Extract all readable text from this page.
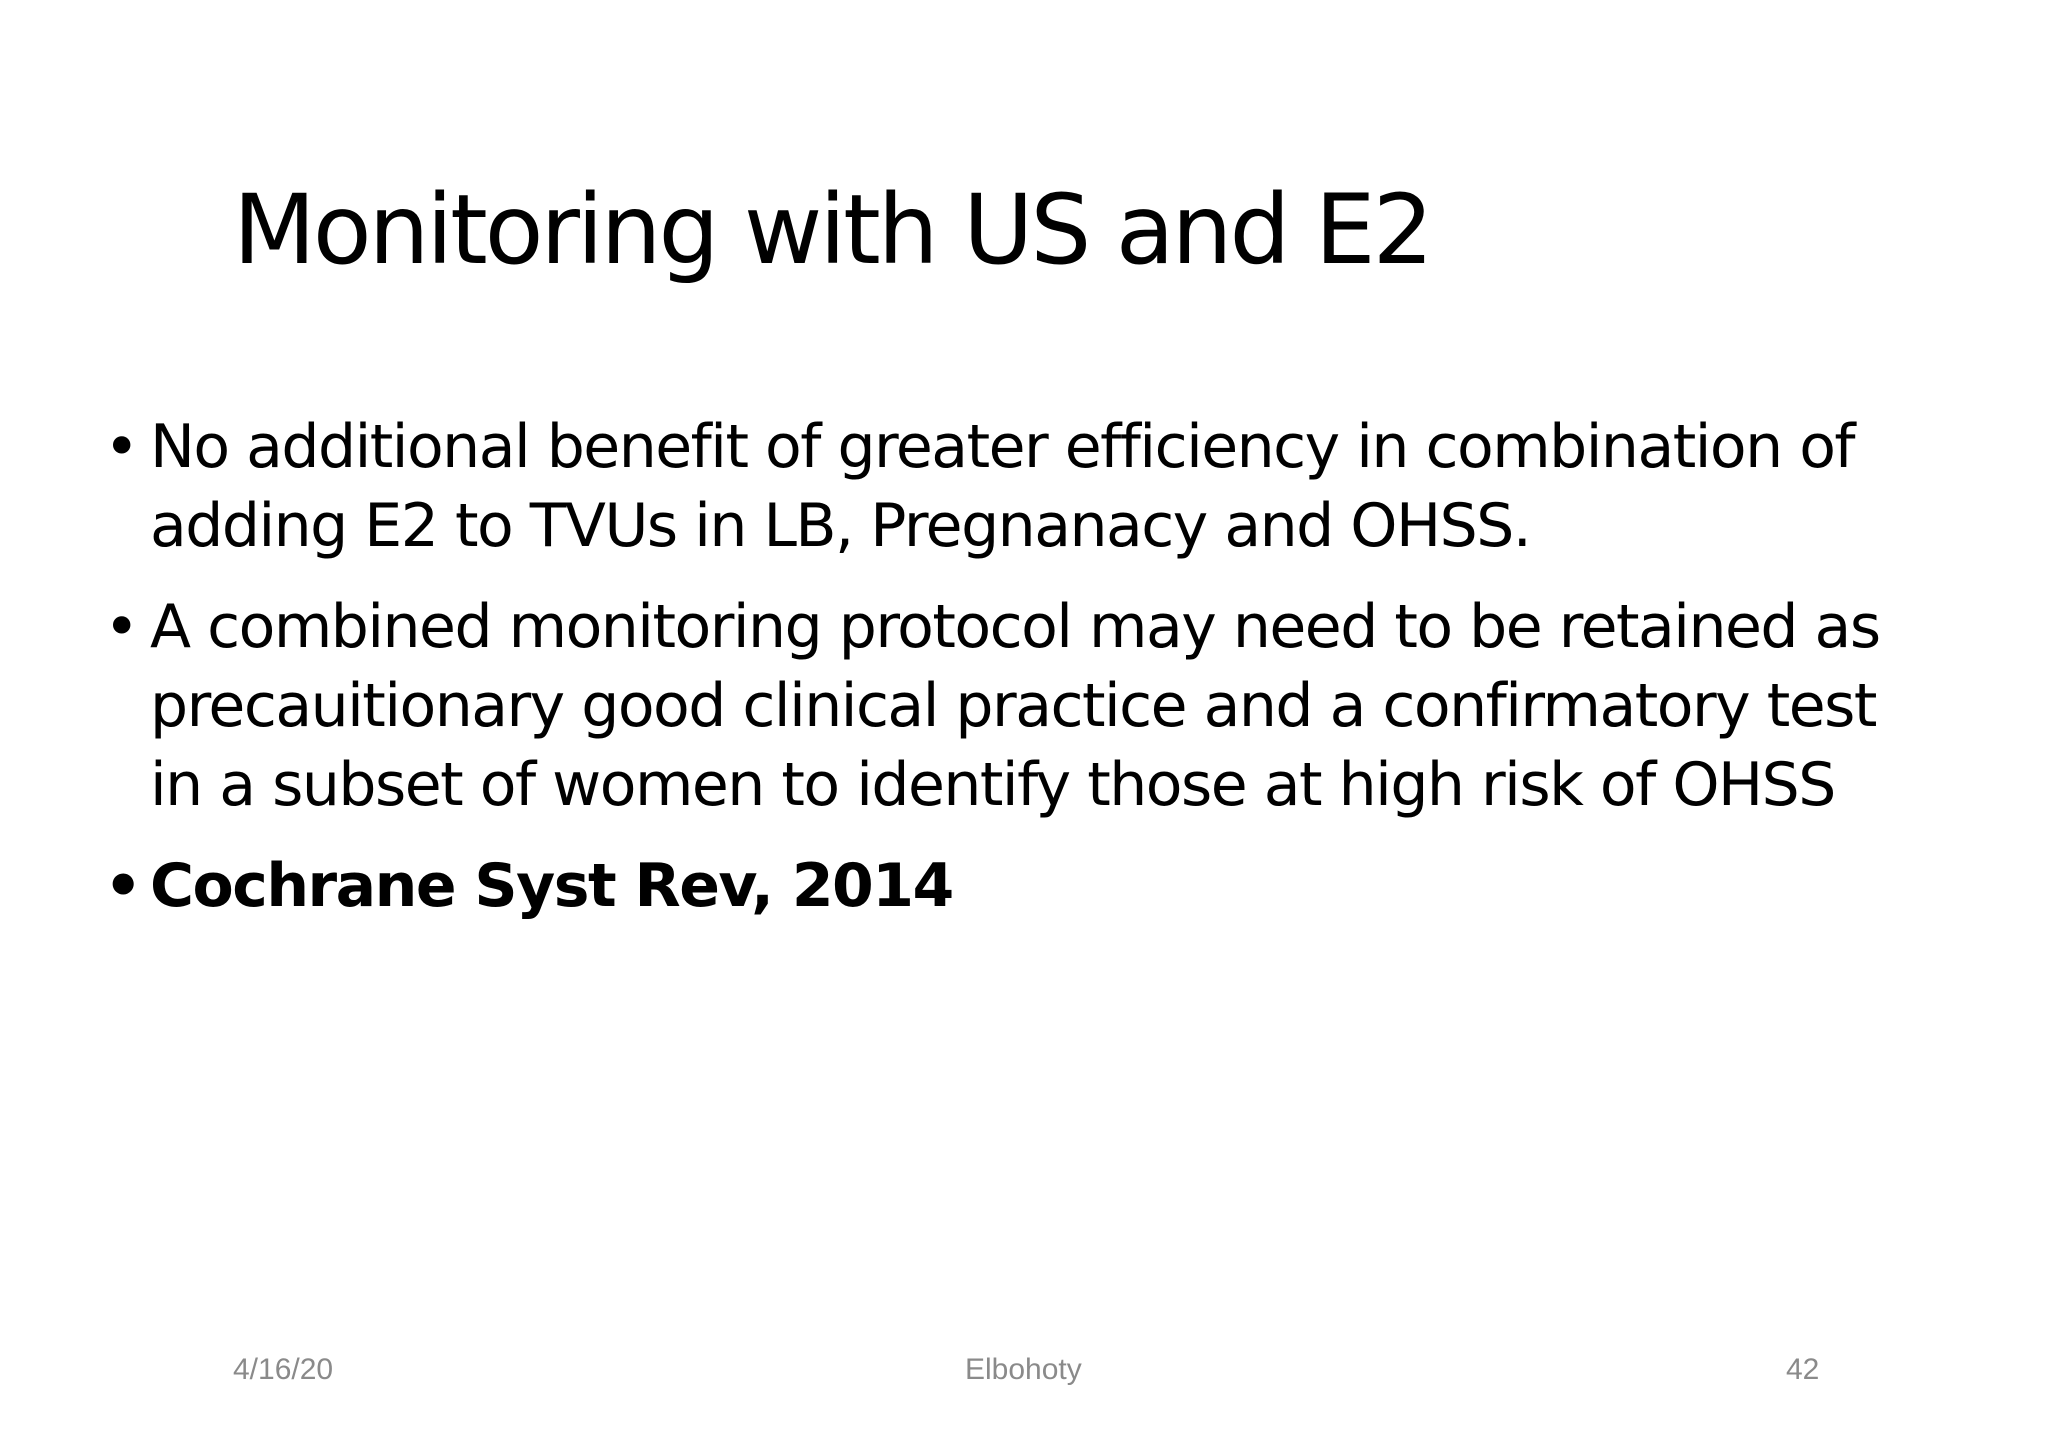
Monitoring with US and E2
• No additional benefit of greater efficiency in combination of
adding E2 to TVUs in LB, Pregnanacy and OHSS.
• A combined monitoring protocol may need to be retained as
precauitionary good clinical practice and a confirmatory test
in a subset of women to identify those at high risk of OHSS
• Cochrane Syst Rev, 2014
4/16/20	Elbohoty	42
